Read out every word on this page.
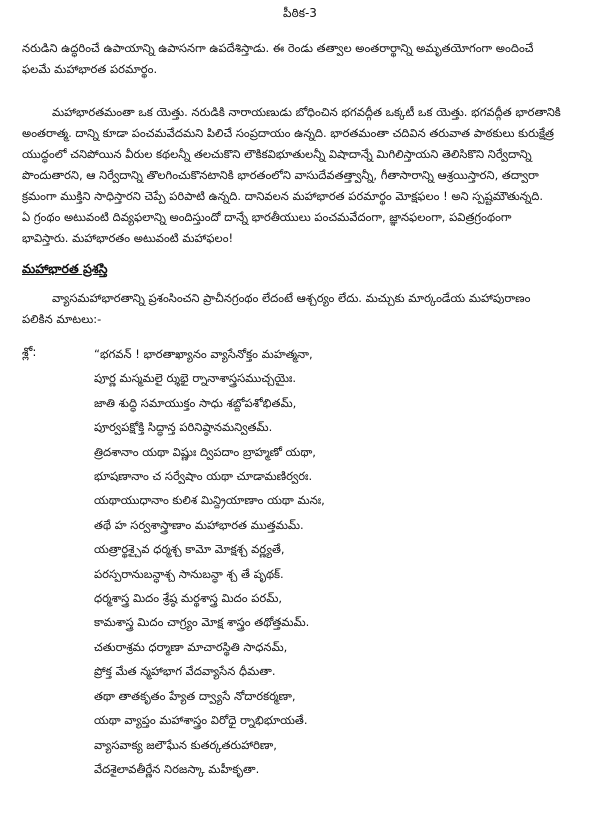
పీఠిక-3
నరుడిని ఉద్ధరించే ఉపాయాన్ని ఉపాసనగా ఉపదేశిస్తాడు. ఈ రెండు తత్వాల అంతరార్థాన్ని అమృతయోగంగా అందించే
ఫలమే మహాభారత పరమార్థం.
మహాభారతమంతా ఒక యెత్తు. నరుడికి నారాయణుడు బోధించిన భగవద్గీత ఒక్కటీ ఒక యెత్తు. భగవద్గీత భారతానికి
అంతరాత్మ. దాన్ని కూడా పంచమవేదమని పిలిచే సంప్రదాయం ఉన్నది. భారతమంతా చదివిన తరువాత పాఠకులు కురుక్షేత్ర
యుద్ధంలో చనిపోయిన వీరుల కథలన్నీ తలచుకొని లౌకికవిభూతులన్నీ విషాదాన్నే మిగిలిస్తాయని తెలిసికొని నిర్వేదాన్ని
పొందుతారని, ఆ నిర్వేదాన్ని తొలగించుకొనటానికి భారతంలోని వాసుదేవతత్త్వాన్నీ, గీతాసారాన్ని ఆశ్రయిస్తారని, తద్వారా
క్రమంగా ముక్తిని సాధిస్తారని చెప్పే పరిపాటి ఉన్నది. దానివలన మహాభారత పరమార్థం మోక్షఫలం ! అని స్పష్టమౌతున్నది.
ఏ గ్రంథం అటువంటి దివ్యఫలాన్ని అందిస్తుందో దాన్నే భారతీయులు పంచమవేదంగా, జ్ఞానఫలంగా, పవిత్రగ్రంథంగా
భావిస్తారు. మహాభారతం అటువంటి మహాఫలం!
మహాభారత ప్రశస్తి
వ్యాసమహాభారతాన్ని ప్రశంసించని ప్రాచీనగ్రంథం లేదంటే ఆశ్చర్యం లేదు. మచ్చుకు మార్కండేయ మహాపురాణం
పలికిన మాటలు:-
శ్లో:	“భగవన్ ! భారతాఖ్యానం వ్యాసేనోక్తం మహత్మనా,
పూర్ణ మస్మమలై ర్శుభై ర్నానాశాస్త్రసముచ్చయైః.
జాతి శుద్ధి సమాయుక్తం సాధు శబ్దోపశోభితమ్,
పూర్వపక్షోక్తి సిద్ధాన్త పరినిష్ఠానమన్వితమ్.
త్రిదశానాం యథా విష్ణుః ద్విపదాం బ్రాహ్మణో యథా,
భూషణానాం చ సర్వేషాం యథా చూడామణిర్వరః.
యథాయుధానాం కులిశ మిన్ద్రియాణాం యథా మనః,
తథే హ సర్వశాస్త్రాణాం మహాభారత ముత్తమమ్.
యత్రార్థశ్చైవ ధర్మశ్చ కామో మోక్షశ్చ వర్ణ్యతే,
పరస్పరానుబన్ధాశ్చ సానుబన్ధా శ్చ తే పృథక్.
ధర్మశాస్త్ర మిదం శ్రేష్ఠ మర్థశాస్త్ర మిదం పరమ్,
కామశాస్త్ర మిదం చాగ్ర్యం మోక్ష శాస్త్రం తథోత్తమమ్.
చతురాశ్రమ ధర్మాణా మాచారస్థితి సాధనమ్,
ప్రోక్త మేత న్మహాభాగ వేదవ్యాసేన ధీమతా.
తథా తాతకృతం హ్యేత ద్వ్యాసే నోదారకర్మణా,
యథా వ్యాప్తం మహాశాస్త్రం విరోధై ర్నాభిభూయతే.
వ్యాసవాక్య జలౌఘేన కుతర్కతరుహారిణా,
వేదశైలావతీర్ణేన నిరజస్కా మహీకృతా.
